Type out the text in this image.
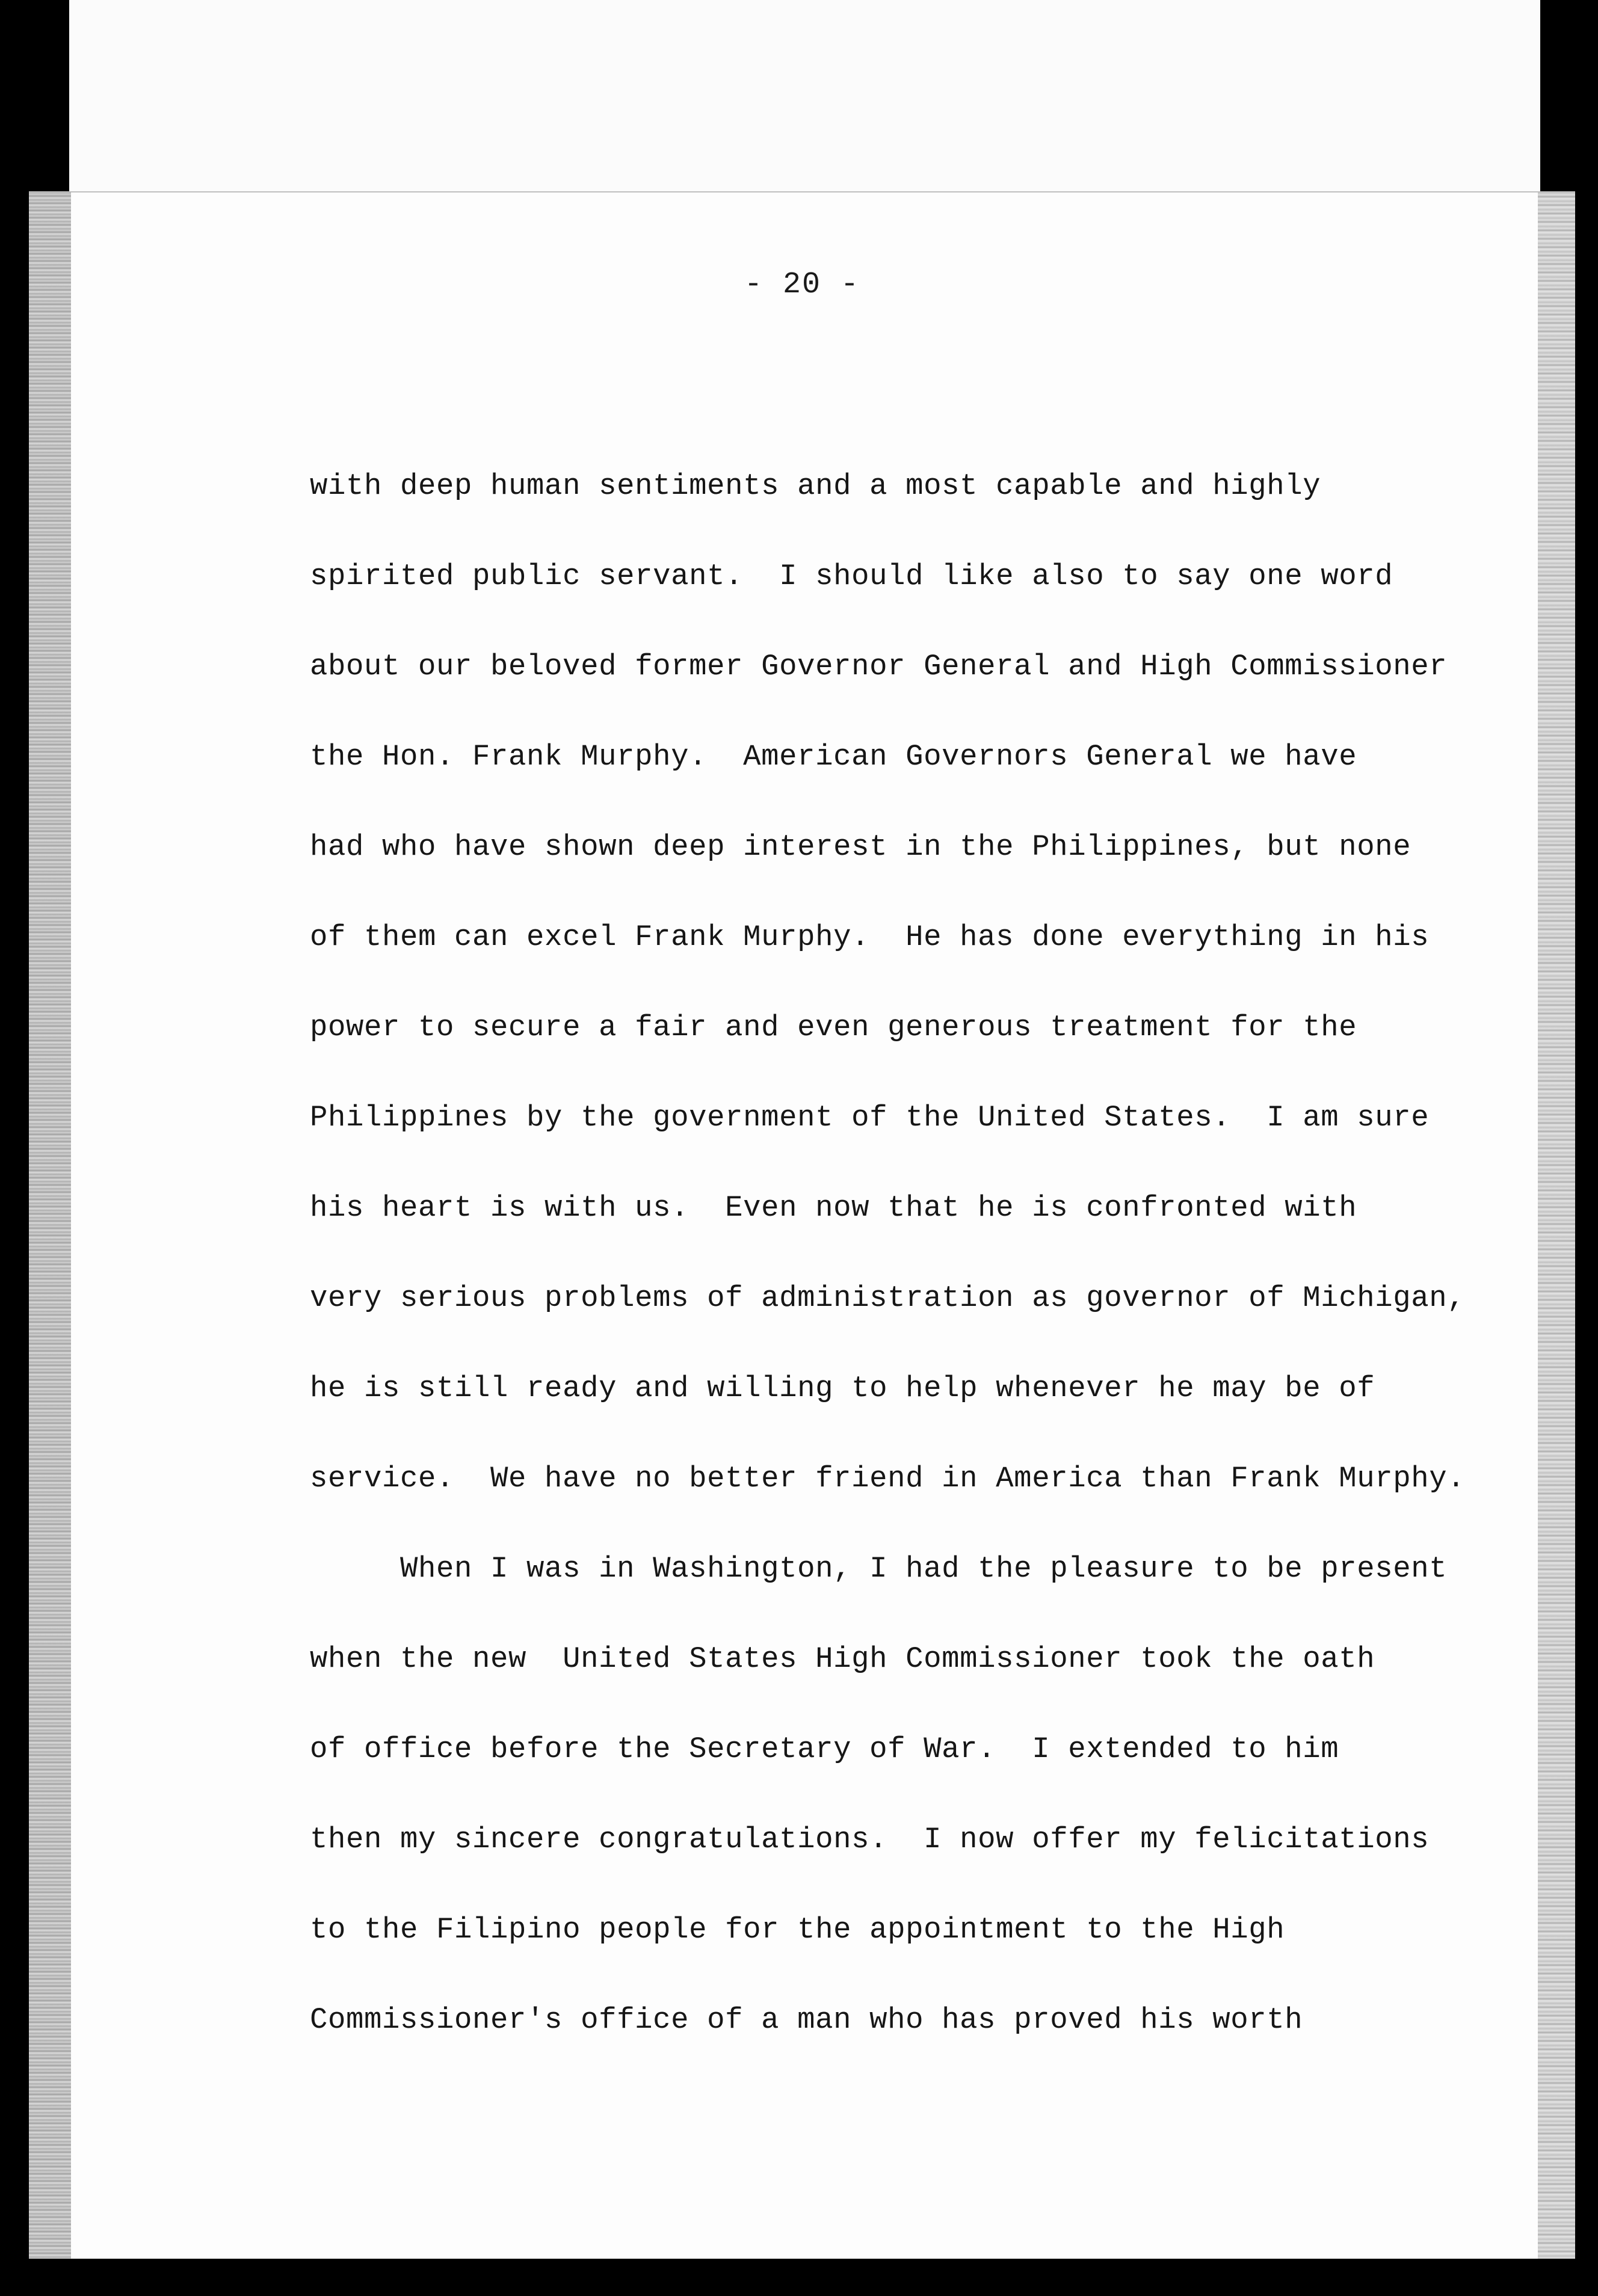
- 20 -
with deep human sentiments and a most capable and highly
spirited public servant.  I should like also to say one word
about our beloved former Governor General and High Commissioner
the Hon. Frank Murphy.  American Governors General we have
had who have shown deep interest in the Philippines, but none
of them can excel Frank Murphy.  He has done everything in his
power to secure a fair and even generous treatment for the
Philippines by the government of the United States.  I am sure
his heart is with us.  Even now that he is confronted with
very serious problems of administration as governor of Michigan,
he is still ready and willing to help whenever he may be of
service.  We have no better friend in America than Frank Murphy.
When I was in Washington, I had the pleasure to be present
when the new  United States High Commissioner took the oath
of office before the Secretary of War.  I extended to him
then my sincere congratulations.  I now offer my felicitations
to the Filipino people for the appointment to the High
Commissioner's office of a man who has proved his worth
